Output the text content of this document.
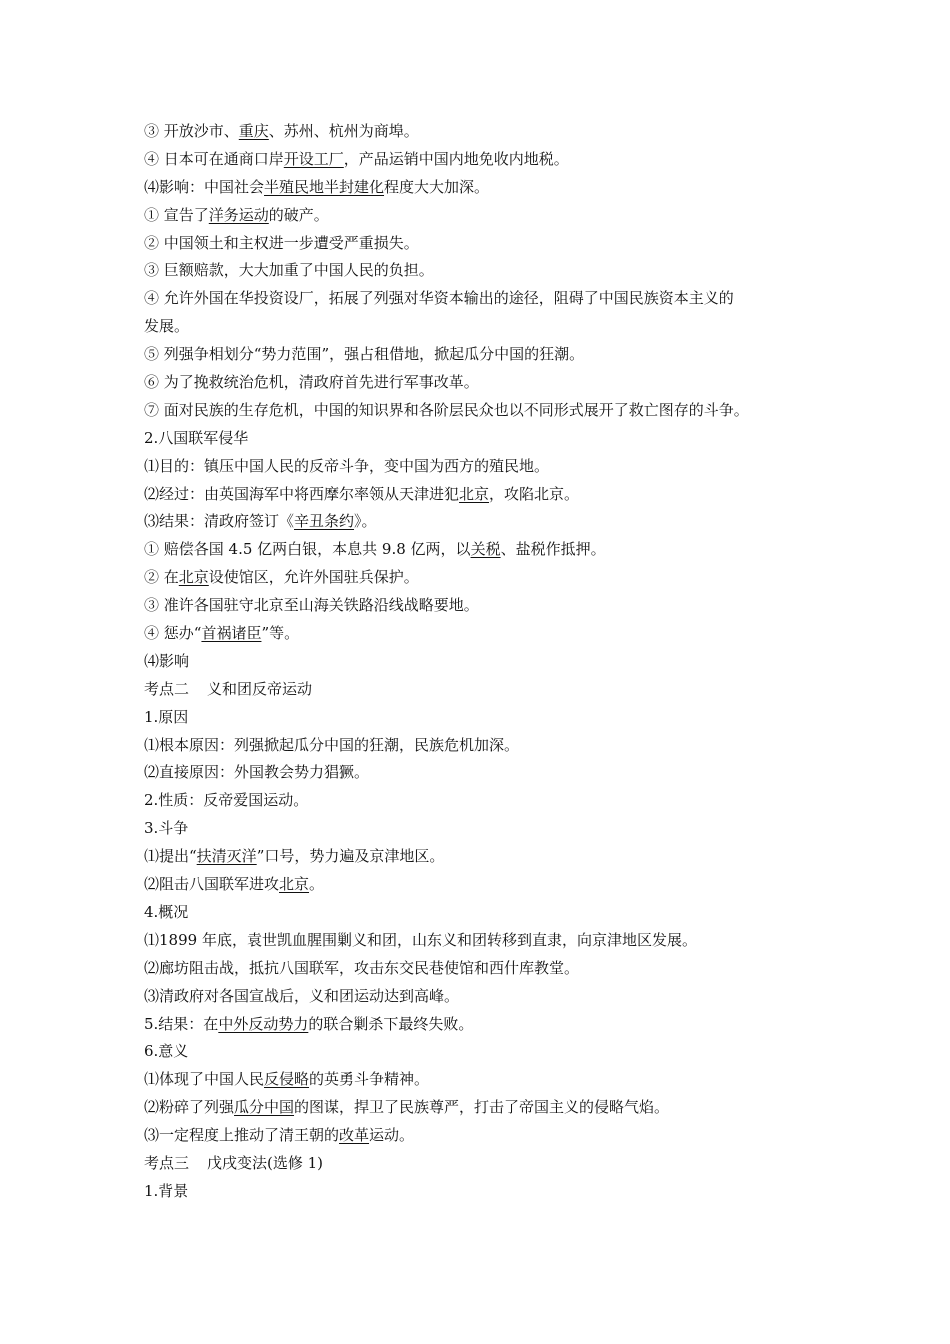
③ 开放沙市、重庆、苏州、杭州为商埠。
④ 日本可在通商口岸开设工厂，产品运销中国内地免收内地税。
⑷影响：中国社会半殖民地半封建化程度大大加深。
① 宣告了洋务运动的破产。
② 中国领土和主权进一步遭受严重损失。
③ 巨额赔款，大大加重了中国人民的负担。
④ 允许外国在华投资设厂，拓展了列强对华资本输出的途径，阻碍了中国民族资本主义的
发展。
⑤ 列强争相划分“势力范围”，强占租借地，掀起瓜分中国的狂潮。
⑥ 为了挽救统治危机，清政府首先进行军事改革。
⑦ 面对民族的生存危机，中国的知识界和各阶层民众也以不同形式展开了救亡图存的斗争。
2.八国联军侵华
⑴目的：镇压中国人民的反帝斗争，变中国为西方的殖民地。
⑵经过：由英国海军中将西摩尔率领从天津进犯北京，攻陷北京。
⑶结果：清政府签订《辛丑条约》。
① 赔偿各国 4.5 亿两白银，本息共 9.8 亿两，以关税、盐税作抵押。
② 在北京设使馆区，允许外国驻兵保护。
③ 准许各国驻守北京至山海关铁路沿线战略要地。
④ 惩办“首祸诸臣”等。
⑷影响
考点二 义和团反帝运动
1.原因
⑴根本原因：列强掀起瓜分中国的狂潮，民族危机加深。
⑵直接原因：外国教会势力猖獗。
2.性质：反帝爱国运动。
3.斗争
⑴提出“扶清灭洋”口号，势力遍及京津地区。
⑵阻击八国联军进攻北京。
4.概况
⑴1899 年底，袁世凯血腥围剿义和团，山东义和团转移到直隶，向京津地区发展。
⑵廊坊阻击战，抵抗八国联军，攻击东交民巷使馆和西什库教堂。
⑶清政府对各国宣战后，义和团运动达到高峰。
5.结果：在中外反动势力的联合剿杀下最终失败。
6.意义
⑴体现了中国人民反侵略的英勇斗争精神。
⑵粉碎了列强瓜分中国的图谋，捍卫了民族尊严，打击了帝国主义的侵略气焰。
⑶一定程度上推动了清王朝的改革运动。
考点三 戊戌变法(选修 1)
1.背景
